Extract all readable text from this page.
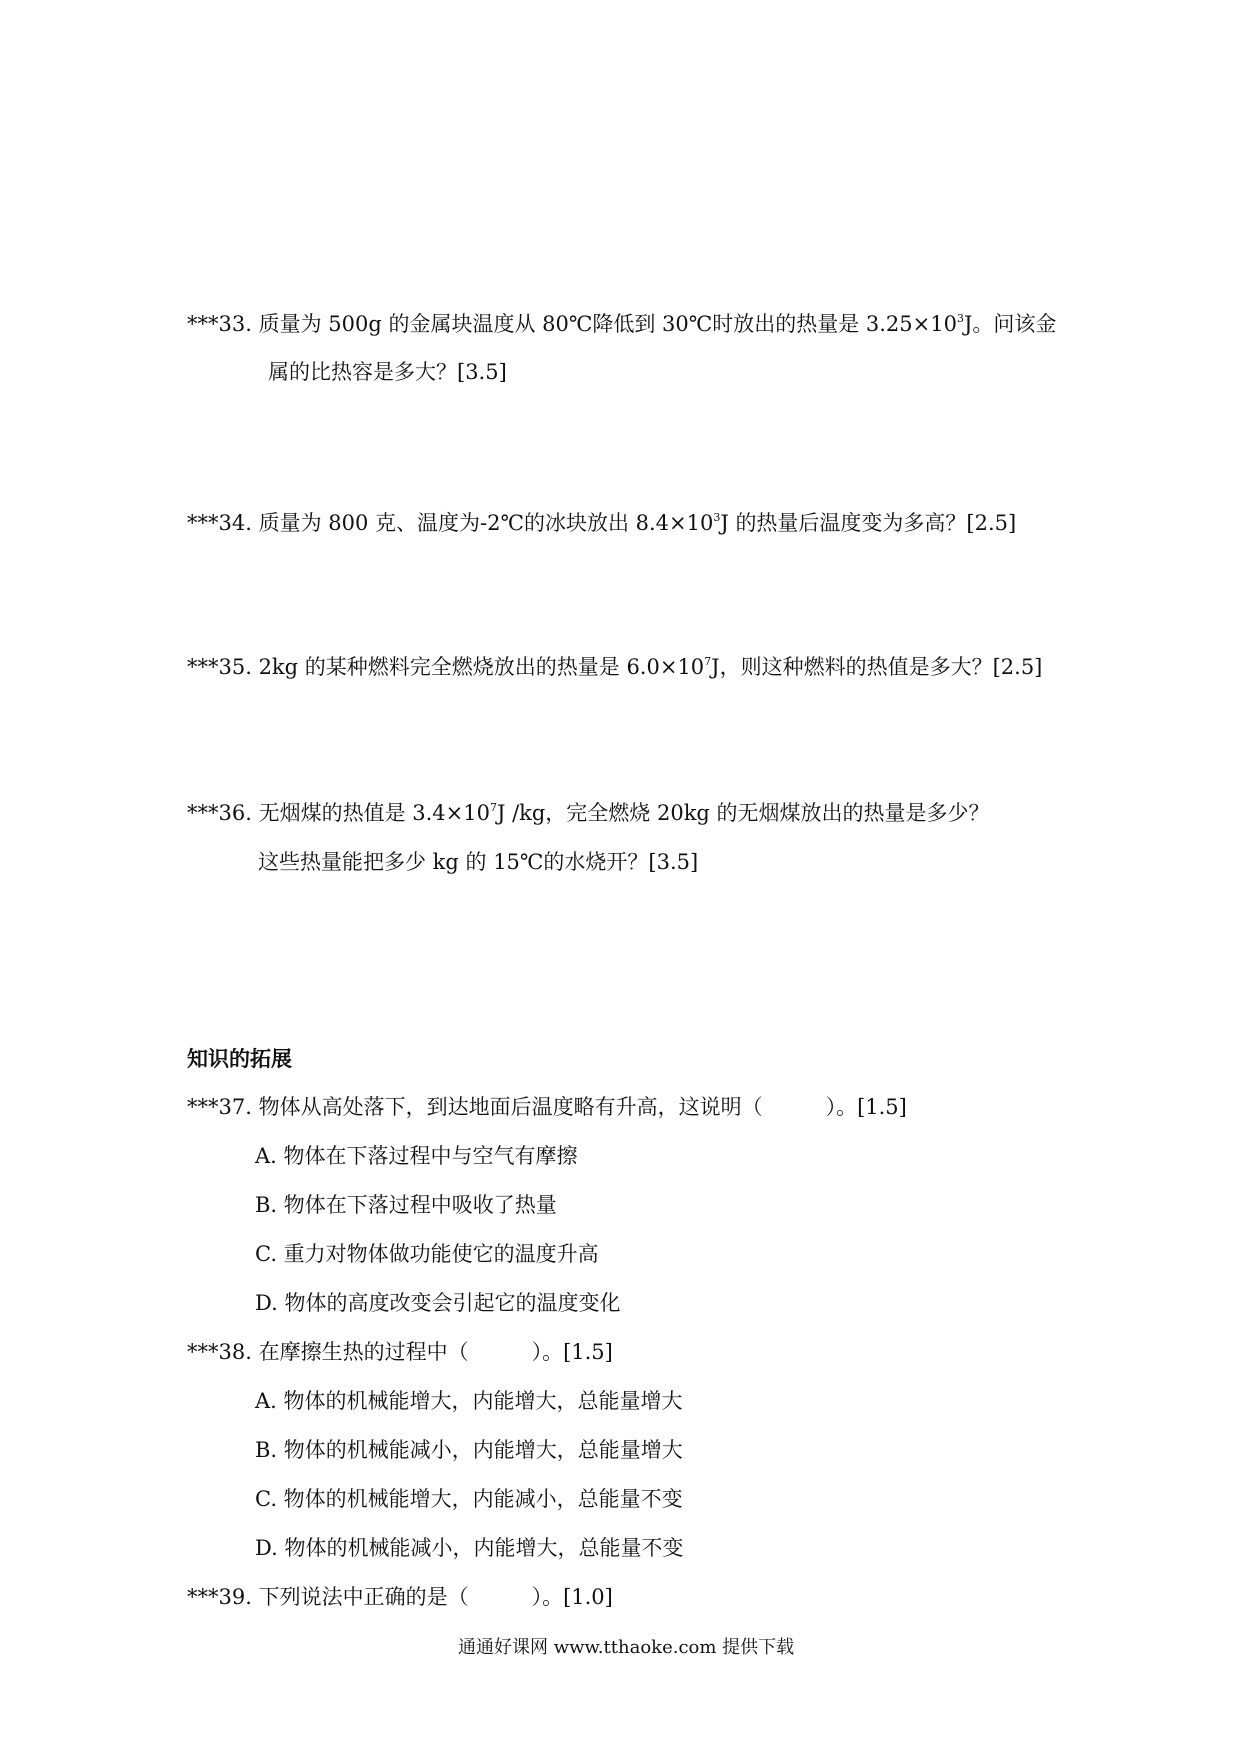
***33. 质量为 500g 的金属块温度从 80℃降低到 30℃时放出的热量是 $3.25\times 10^3J$。问该金
属的比热容是多大？[3.5]
***34. 质量为 800 克、温度为-2℃的冰块放出 $8.4\times 10^3J$ 的热量后温度变为多高？[2.5]
***35. 2kg 的某种燃料完全燃烧放出的热量是 $6.0\times 10^7J$，则这种燃料的热值是多大？[2.5]
***36. 无烟煤的热值是 $3.4\times 10^7J$ /kg，完全燃烧 20kg 的无烟煤放出的热量是多少？
这些热量能把多少 kg 的 15℃的水烧开？[3.5]
知识的拓展
***37. 物体从高处落下，到达地面后温度略有升高，这说明（　　　）。[1.5]
A. 物体在下落过程中与空气有摩擦
B. 物体在下落过程中吸收了热量
C. 重力对物体做功能使它的温度升高
D. 物体的高度改变会引起它的温度变化
***38. 在摩擦生热的过程中（　　　）。[1.5]
A. 物体的机械能增大，内能增大，总能量增大
B. 物体的机械能减小，内能增大，总能量增大
C. 物体的机械能增大，内能减小，总能量不变
D. 物体的机械能减小，内能增大，总能量不变
***39. 下列说法中正确的是（　　　）。[1.0]
通通好课网 www.tthaoke.com 提供下载
